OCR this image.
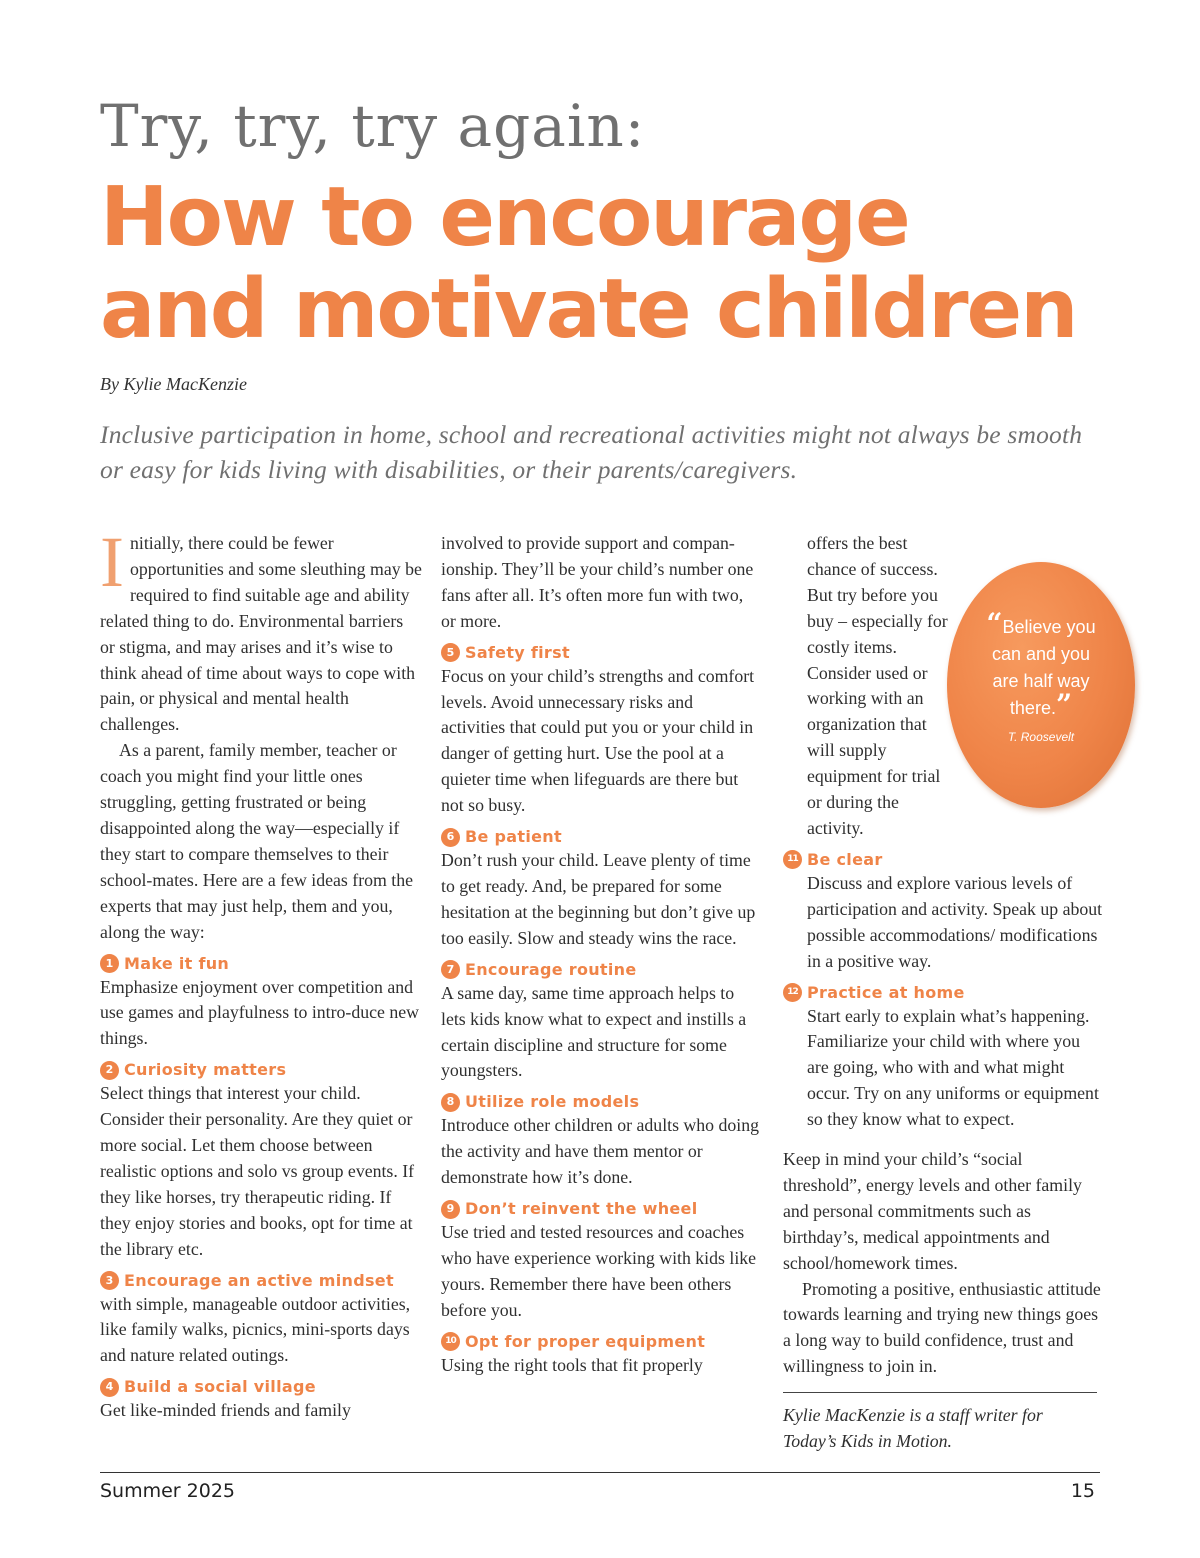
Try, try, try again:
How to encourage
and motivate children

By Kylie MacKenzie

Inclusive participation in home, school and recreational activities might not always be smooth or easy for kids living with disabilities, or their parents/caregivers.

Initially, there could be fewer opportunities and some sleuthing may be required to find suitable age and ability related thing to do. Environmental barriers or stigma, and may arises and it’s wise to think ahead of time about ways to cope with pain, or physical and mental health challenges.

As a parent, family member, teacher or coach you might find your little ones struggling, getting frustrated or being disappointed along the way—especially if they start to compare themselves to their school-mates. Here are a few ideas from the experts that may just help, them and you, along the way:

1 Make it fun

Emphasize enjoyment over competition and use games and playfulness to intro-duce new things.

2 Curiosity matters

Select things that interest your child. Consider their personality. Are they quiet or more social. Let them choose between realistic options and solo vs group events. If they like horses, try therapeutic riding. If they enjoy stories and books, opt for time at the library etc.

3 Encourage an active mindset

with simple, manageable outdoor activities, like family walks, picnics, mini-sports days and nature related outings.

4 Build a social village

Get like-minded friends and family

involved to provide support and compan-ionship. They’ll be your child’s number one fans after all. It’s often more fun with two, or more.

5 Safety first

Focus on your child’s strengths and comfort levels. Avoid unnecessary risks and activities that could put you or your child in danger of getting hurt. Use the pool at a quieter time when lifeguards are there but not so busy.

6 Be patient

Don’t rush your child. Leave plenty of time to get ready. And, be prepared for some hesitation at the beginning but don’t give up too easily. Slow and steady wins the race.

7 Encourage routine

A same day, same time approach helps to lets kids know what to expect and instills a certain discipline and structure for some youngsters.

8 Utilize role models

Introduce other children or adults who doing the activity and have them mentor or demonstrate how it’s done.

9 Don’t reinvent the wheel

Use tried and tested resources and coaches who have experience working with kids like yours. Remember there have been others before you.

10 Opt for proper equipment

Using the right tools that fit properly

offers the best chance of success. But try before you buy – especially for costly items. Consider used or working with an organization that will supply equipment for trial or during the activity.

11 Be clear

Discuss and explore various levels of participation and activity. Speak up about possible accommodations/ modifications in a positive way.

12 Practice at home

Start early to explain what’s happening. Familiarize your child with where you are going, who with and what might occur. Try on any uniforms or equipment so they know what to expect.

Keep in mind your child’s “social threshold”, energy levels and other family and personal commitments such as birthday’s, medical appointments and school/homework times.

Promoting a positive, enthusiastic attitude towards learning and trying new things goes a long way to build confidence, trust and willingness to join in.

Kylie MacKenzie is a staff writer for
Today’s Kids in Motion.

“Believe you can and you are half way there.”
T. Roosevelt
Summer 2025	15
